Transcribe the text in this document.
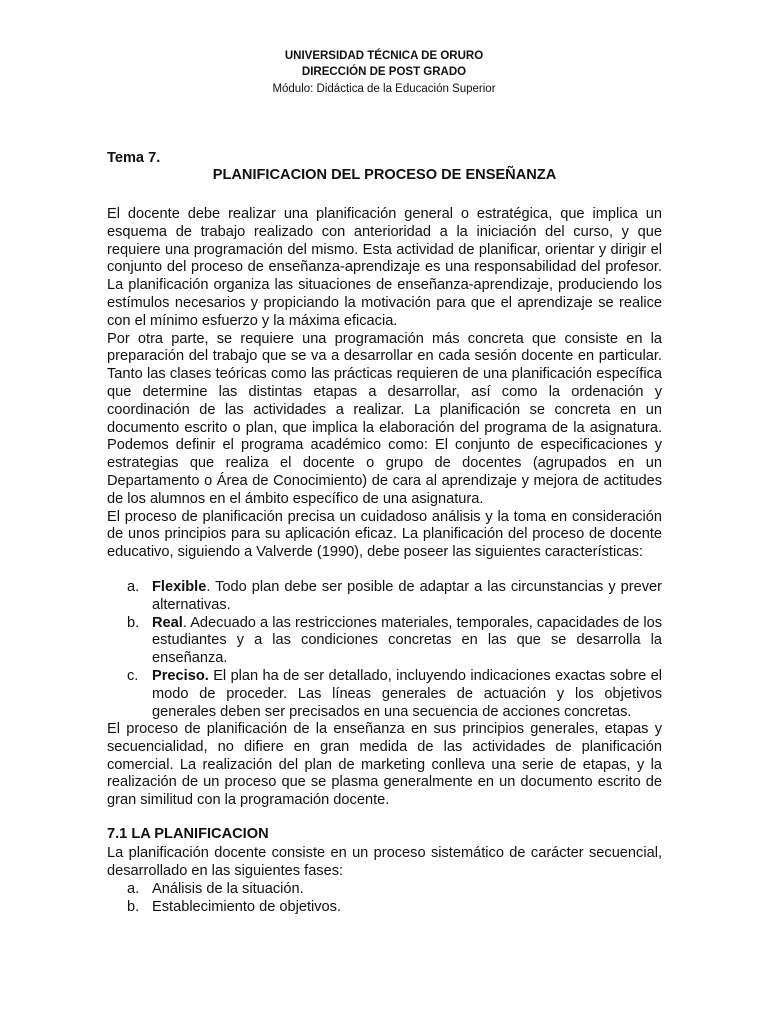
UNIVERSIDAD TÉCNICA DE ORURO
DIRECCIÓN DE POST GRADO
Módulo: Didáctica de la Educación Superior
Tema 7.
PLANIFICACION DEL PROCESO DE ENSEÑANZA

El docente debe realizar una planificación general o estratégica, que implica un esquema de trabajo realizado con anterioridad a la iniciación del curso, y que requiere una programación del mismo. Esta actividad de planificar, orientar y dirigir el conjunto del proceso de enseñanza-aprendizaje es una responsabilidad del profesor. La planificación organiza las situaciones de enseñanza-aprendizaje, produciendo los estímulos necesarios y propiciando la motivación para que el aprendizaje se realice con el mínimo esfuerzo y la máxima eficacia.

Por otra parte, se requiere una programación más concreta que consiste en la preparación del trabajo que se va a desarrollar en cada sesión docente en particular. Tanto las clases teóricas como las prácticas requieren de una planificación específica que determine las distintas etapas a desarrollar, así como la ordenación y coordinación de las actividades a realizar. La planificación se concreta en un documento escrito o plan, que implica la elaboración del programa de la asignatura. Podemos definir el programa académico como: El conjunto de especificaciones y estrategias que realiza el docente o grupo de docentes (agrupados en un Departamento o Área de Conocimiento) de cara al aprendizaje y mejora de actitudes de los alumnos en el ámbito específico de una asignatura.

El proceso de planificación precisa un cuidadoso análisis y la toma en consideración de unos principios para su aplicación eficaz. La planificación del proceso de docente educativo, siguiendo a Valverde (1990), debe poseer las siguientes características:

a. Flexible. Todo plan debe ser posible de adaptar a las circunstancias y prever alternativas.
b. Real. Adecuado a las restricciones materiales, temporales, capacidades de los estudiantes y a las condiciones concretas en las que se desarrolla la enseñanza.
c. Preciso. El plan ha de ser detallado, incluyendo indicaciones exactas sobre el modo de proceder. Las líneas generales de actuación y los objetivos generales deben ser precisados en una secuencia de acciones concretas.
El proceso de planificación de la enseñanza en sus principios generales, etapas y secuencialidad, no difiere en gran medida de las actividades de planificación comercial. La realización del plan de marketing conlleva una serie de etapas, y la realización de un proceso que se plasma generalmente en un documento escrito de gran similitud con la programación docente.
7.1 LA PLANIFICACION
La planificación docente consiste en un proceso sistemático de carácter secuencial, desarrollado en las siguientes fases:
a. Análisis de la situación.
b. Establecimiento de objetivos.
